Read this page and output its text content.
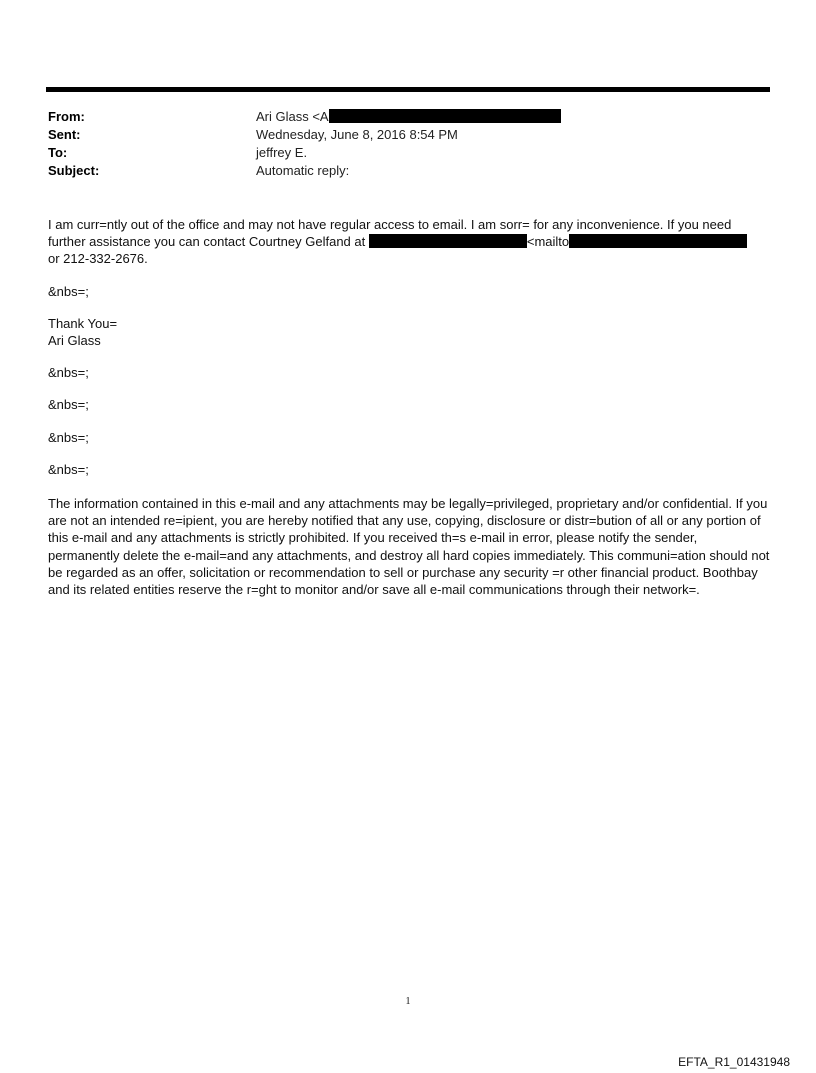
From:	Ari Glass <A
Sent:	Wednesday, June 8, 2016 8:54 PM
To:	jeffrey E.
Subject:	Automatic reply:

I am curr=ntly out of the office and may not have regular access to email. I am sorr= for any inconvenience. If you need
further assistance you can contact Courtney Gelfand at	<mailto
or 212-332-2676.

&nbs=;

Thank You=
Ari Glass

&nbs=;

&nbs=;

&nbs=;

&nbs=;

The information contained in this e-mail and any attachments may be legally=privileged, proprietary and/or confidential. If you are not an intended re=ipient, you are hereby notified that any use, copying, disclosure or distr=bution of all or any portion of this e-mail and any attachments is strictly prohibited. If you received th=s e-mail in error, please notify the sender, permanently delete the e-mail=and any attachments, and destroy all hard copies immediately. This communi=ation should not be regarded as an offer, solicitation or recommendation to sell or purchase any security =r other financial product. Boothbay and its related entities reserve the r=ght to monitor and/or save all e-mail communications through their network=.

1
EFTA_R1_01431948
